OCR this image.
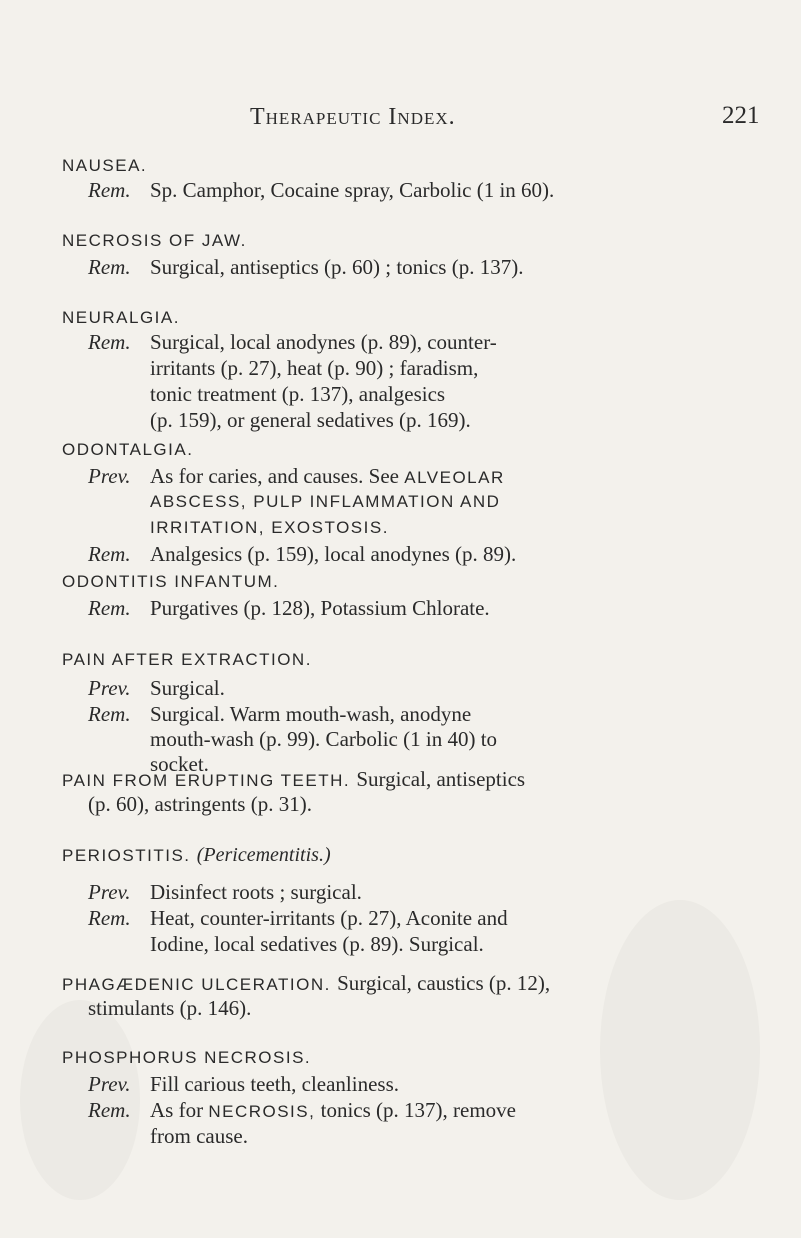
Therapeutic Index.	221
NAUSEA.
Rem. Sp. Camphor, Cocaine spray, Carbolic (1 in 60).
NECROSIS OF JAW.
Rem. Surgical, antiseptics (p. 60) ; tonics (p. 137).
NEURALGIA.
Rem. Surgical, local anodynes (p. 89), counter-
irritants (p. 27), heat (p. 90) ; faradism,
tonic treatment (p. 137), analgesics
(p. 159), or general sedatives (p. 169).
ODONTALGIA.
Prev. As for caries, and causes. See ALVEOLAR
ABSCESS, PULP INFLAMMATION AND
IRRITATION, EXOSTOSIS.
Rem. Analgesics (p. 159), local anodynes (p. 89).
ODONTITIS INFANTUM.
Rem. Purgatives (p. 128), Potassium Chlorate.
PAIN AFTER EXTRACTION.
Prev. Surgical.
Rem. Surgical. Warm mouth-wash, anodyne
mouth-wash (p. 99). Carbolic (1 in 40) to
socket.
PAIN FROM ERUPTING TEETH. Surgical, antiseptics
(p. 60), astringents (p. 31).
PERIOSTITIS. (Pericementitis.)
Prev. Disinfect roots ; surgical.
Rem. Heat, counter-irritants (p. 27), Aconite and
Iodine, local sedatives (p. 89). Surgical.
PHAGÆDENIC ULCERATION. Surgical, caustics (p. 12),
stimulants (p. 146).
PHOSPHORUS NECROSIS.
Prev. Fill carious teeth, cleanliness.
Rem. As for NECROSIS, tonics (p. 137), remove
from cause.
